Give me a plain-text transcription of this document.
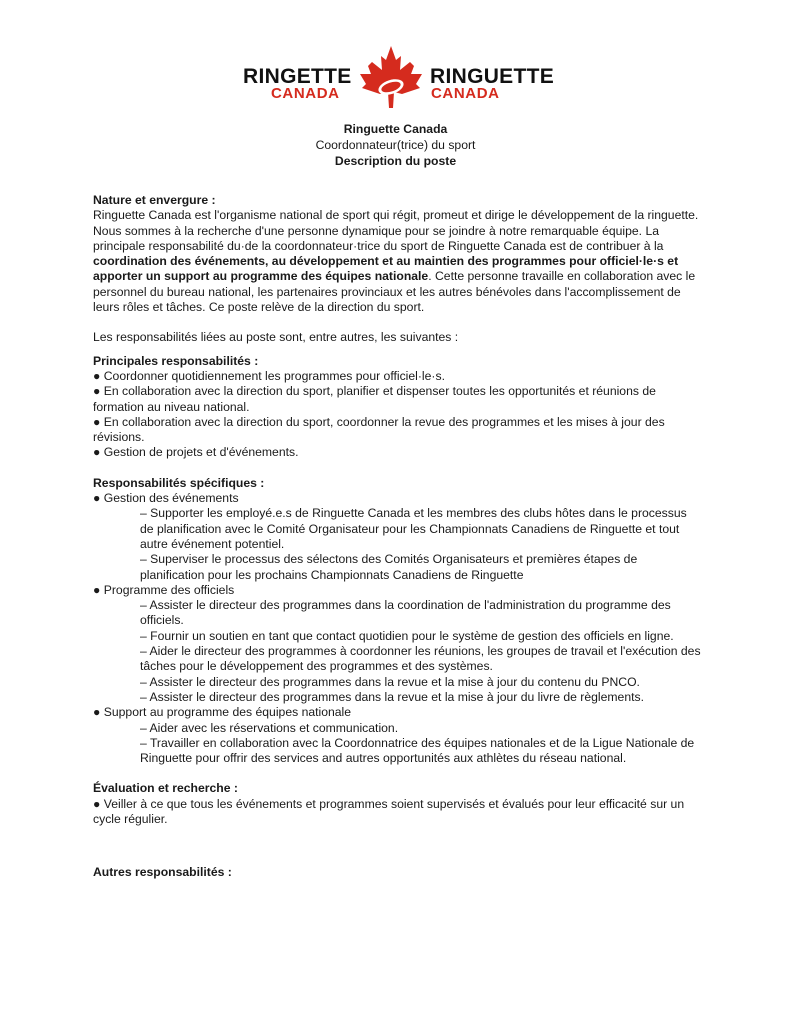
RINGETTE
CANADA
RINGUETTE
CANADA
Ringuette Canada
Coordonnateur(trice) du sport
Description du poste
Nature et envergure :

Ringuette Canada est l'organisme national de sport qui régit, promeut et dirige le développement de la ringuette. Nous sommes à la recherche d'une personne dynamique pour se joindre à notre remarquable équipe. La principale responsabilité du·de la coordonnateur·trice du sport de Ringuette Canada est de contribuer à la coordination des événements, au développement et au maintien des programmes pour officiel·le·s et apporter un support au programme des équipes nationale. Cette personne travaille en collaboration avec le personnel du bureau national, les partenaires provinciaux et les autres bénévoles dans l'accomplissement de leurs rôles et tâches. Ce poste relève de la direction du sport.

Les responsabilités liées au poste sont, entre autres, les suivantes :

Principales responsabilités :

● Coordonner quotidiennement les programmes pour officiel·le·s.

● En collaboration avec la direction du sport, planifier et dispenser toutes les opportunités et réunions de formation au niveau national.

● En collaboration avec la direction du sport, coordonner la revue des programmes et les mises à jour des révisions.

● Gestion de projets et d'événements.

Responsabilités spécifiques :

● Gestion des événements

– Supporter les employé.e.s de Ringuette Canada et les membres des clubs hôtes dans le processus de planification avec le Comité Organisateur pour les Championnats Canadiens de Ringuette et tout autre événement potentiel.

– Superviser le processus des sélectons des Comités Organisateurs et premières étapes de planification pour les prochains Championnats Canadiens de Ringuette

● Programme des officiels

– Assister le directeur des programmes dans la coordination de l'administration du programme des officiels.

– Fournir un soutien en tant que contact quotidien pour le système de gestion des officiels en ligne.

– Aider le directeur des programmes à coordonner les réunions, les groupes de travail et l'exécution des tâches pour le développement des programmes et des systèmes.

– Assister le directeur des programmes dans la revue et la mise à jour du contenu du PNCO.

– Assister le directeur des programmes dans la revue et la mise à jour du livre de règlements.

● Support au programme des équipes nationale

– Aider avec les réservations et communication.

– Travailler en collaboration avec la Coordonnatrice des équipes nationales et de la Ligue Nationale de Ringuette pour offrir des services and autres opportunités aux athlètes du réseau national.

Évaluation et recherche :

● Veiller à ce que tous les événements et programmes soient supervisés et évalués pour leur efficacité sur un cycle régulier.

Autres responsabilités :
